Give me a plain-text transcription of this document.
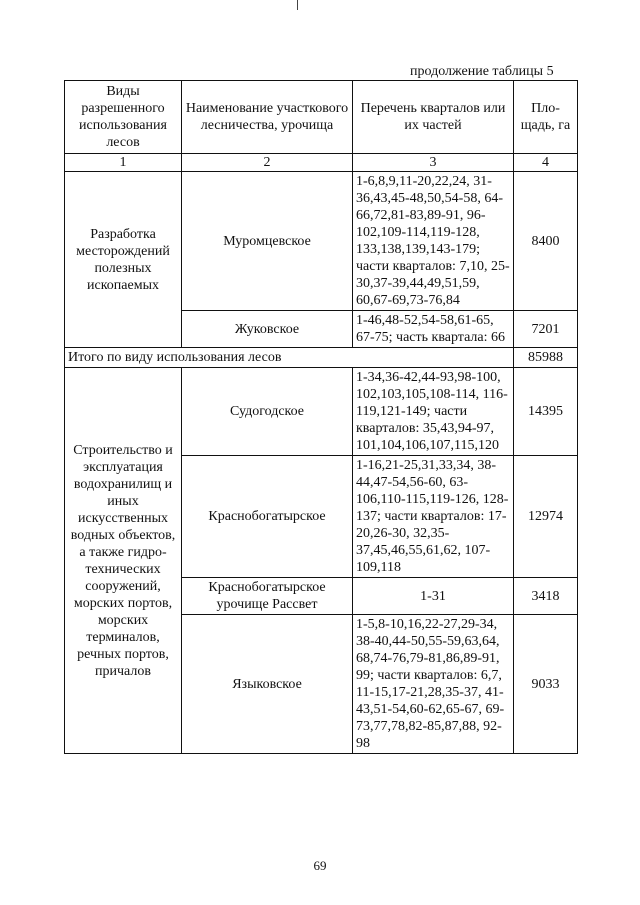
продолжение таблицы 5
Виды разрешенного использования лесов	Наименование участкового лесничества, урочища	Перечень кварталов или их частей	Пло-щадь, га
1	2	3	4
Разработка месторождений полезных ископаемых	Муромцевское	1-6,8,9,11-20,22,24, 31-36,43,45-48,50,54-58, 64-66,72,81-83,89-91, 96-102,109-114,119-128, 133,138,139,143-179; части кварталов: 7,10, 25-30,37-39,44,49,51,59, 60,67-69,73-76,84	8400
	Жуковское	1-46,48-52,54-58,61-65, 67-75; часть квартала: 66	7201
Итого по виду использования лесов			85988
Строительство и эксплуатация водохранилищ и иных искусственных водных объектов, а также гидро-технических сооружений, морских портов, морских терминалов, речных портов, причалов	Судогодское	1-34,36-42,44-93,98-100, 102,103,105,108-114, 116-119,121-149; части кварталов: 35,43,94-97, 101,104,106,107,115,120	14395
	Краснобогатырское	1-16,21-25,31,33,34, 38-44,47-54,56-60, 63-106,110-115,119-126, 128-137; части кварталов: 17-20,26-30, 32,35-37,45,46,55,61,62, 107-109,118	12974
	Краснобогатырское урочище Рассвет	1-31	3418
	Языковское	1-5,8-10,16,22-27,29-34, 38-40,44-50,55-59,63,64, 68,74-76,79-81,86,89-91, 99; части кварталов: 6,7, 11-15,17-21,28,35-37, 41-43,51-54,60-62,65-67, 69-73,77,78,82-85,87,88, 92-98	9033
69
